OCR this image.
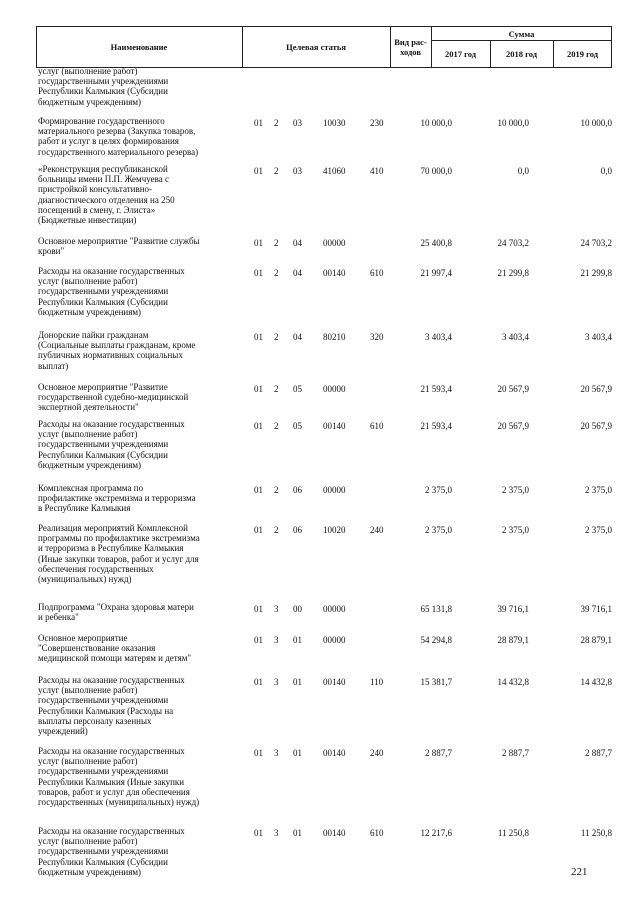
Наименование	Целевая статья	Вид рас-ходов
Сумма
2017 год	2018 год	2019 год
услуг (выполнение работ)
государственными учреждениями
Республики Калмыкия (Субсидии
бюджетным учреждениям)
Формирование государственного
материального резерва (Закупка товаров,
работ и услуг в целях формирования
государственного материального резерва)
01 2 03 10030	230	10 000,0	10 000,0	10 000,0
«Реконструкция республиканской
больницы имени П.П. Жемчуева с
пристройкой консультативно-
диагностического отделения на 250
посещений в смену, г. Элиста»
(Бюджетные инвестиции)
01 2 03 41060	410	70 000,0	0,0	0,0
Основное мероприятие "Развитие службы
крови"
01 2 04 00000	25 400,8	24 703,2	24 703,2
Расходы на оказание государственных
услуг (выполнение работ)
государственными учреждениями
Республики Калмыкия (Субсидии
бюджетным учреждениям)
01 2 04 00140	610	21 997,4	21 299,8	21 299,8
Донорские пайки гражданам
(Социальные выплаты гражданам, кроме
публичных нормативных социальных
выплат)
01 2 04 80210	320	3 403,4	3 403,4	3 403,4
Основное мероприятие "Развитие
государственной судебно-медицинской
экспертной деятельности"
01 2 05 00000	21 593,4	20 567,9	20 567,9
Расходы на оказание государственных
услуг (выполнение работ)
государственными учреждениями
Республики Калмыкия (Субсидии
бюджетным учреждениям)
01 2 05 00140	610	21 593,4	20 567,9	20 567,9
Комплексная программа по
профилактике экстремизма и терроризма
в Республике Калмыкия
01 2 06 00000	2 375,0	2 375,0	2 375,0
Реализация мероприятий Комплексной
программы по профилактике экстремизма
и терроризма в Республике Калмыкия
(Иные закупки товаров, работ и услуг для
обеспечения государственных
(муниципальных) нужд)
01 2 06 10020	240	2 375,0	2 375,0	2 375,0
Подпрограмма "Охрана здоровья матери
и ребенка"
01 3 00 00000	65 131,8	39 716,1	39 716,1
Основное мероприятие
"Совершенствование оказания
медицинской помощи матерям и детям"
01 3 01 00000	54 294,8	28 879,1	28 879,1
Расходы на оказание государственных
услуг (выполнение работ)
государственными учреждениями
Республики Калмыкия (Расходы на
выплаты персоналу казенных
учреждений)
01 3 01 00140	110	15 381,7	14 432,8	14 432,8
Расходы на оказание государственных
услуг (выполнение работ)
государственными учреждениями
Республики Калмыкия (Иные закупки
товаров, работ и услуг для обеспечения
государственных (муниципальных) нужд)
01 3 01 00140	240	2 887,7	2 887,7	2 887,7
Расходы на оказание государственных
услуг (выполнение работ)
государственными учреждениями
Республики Калмыкия (Субсидии
бюджетным учреждениям)
01 3 01 00140	610	12 217,6	11 250,8	11 250,8
221
